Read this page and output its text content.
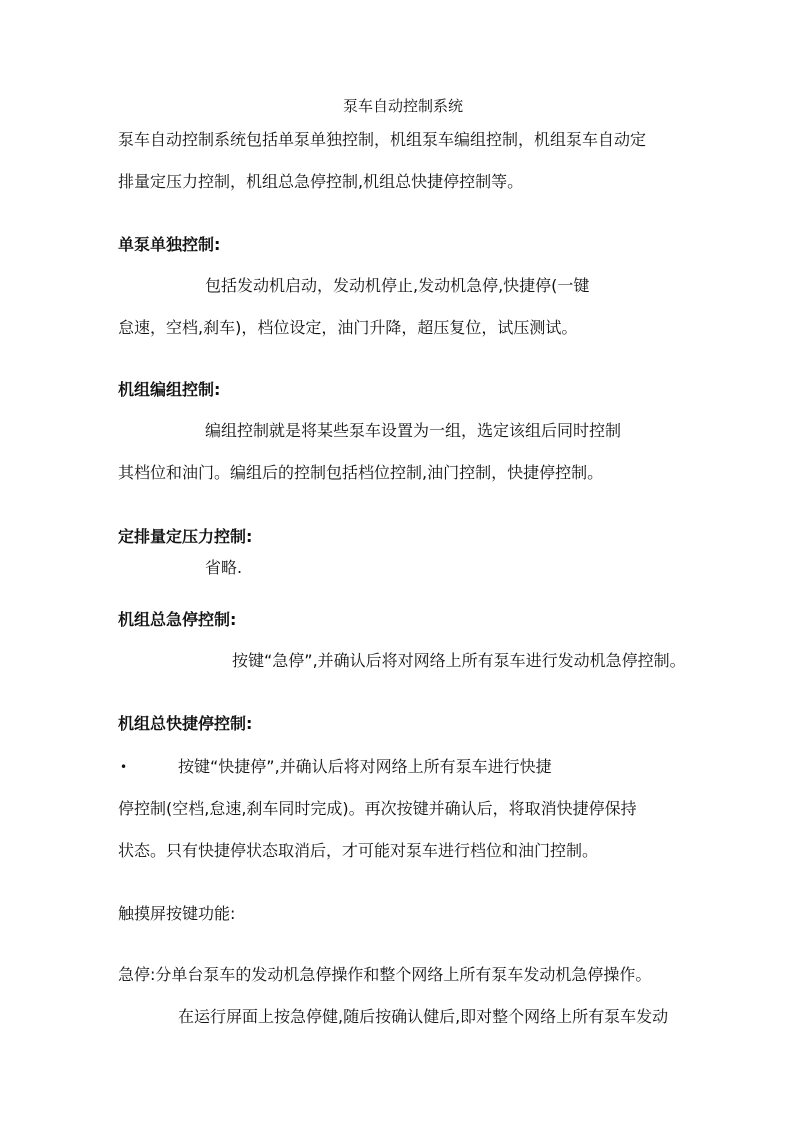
泵车自动控制系统
泵车自动控制系统包括单泵单独控制，机组泵车编组控制，机组泵车自动定
排量定压力控制，机组总急停控制,机组总快捷停控制等。
单泵单独控制:
包括发动机启动，发动机停止,发动机急停,快捷停(一键
怠速，空档,刹车)，档位设定，油门升降，超压复位，试压测试。
机组编组控制:
编组控制就是将某些泵车设置为一组，选定该组后同时控制
其档位和油门。编组后的控制包括档位控制,油门控制，快捷停控制。
定排量定压力控制:
省略.
机组总急停控制:
按键“急停”,并确认后将对网络上所有泵车进行发动机急停控制。
机组总快捷停控制:
•	按键“快捷停”,并确认后将对网络上所有泵车进行快捷
停控制(空档,怠速,刹车同时完成)。再次按键并确认后，将取消快捷停保持
状态。只有快捷停状态取消后，才可能对泵车进行档位和油门控制。
触摸屏按键功能:
急停:分单台泵车的发动机急停操作和整个网络上所有泵车发动机急停操作。
在运行屏面上按急停健,随后按确认健后,即对整个网络上所有泵车发动
